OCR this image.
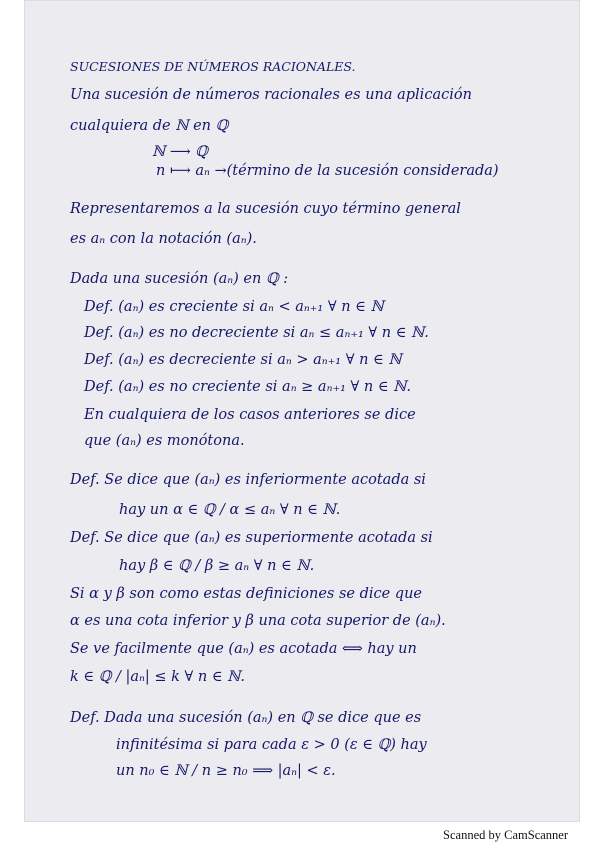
SUCESIONES DE NÚMEROS RACIONALES.
Una sucesión de números racionales es una aplicación
cualquiera de ℕ en ℚ
ℕ ⟶ ℚ
n ⟼ aₙ →(término de la sucesión considerada)
Representaremos a la sucesión cuyo término general
es aₙ con la notación (aₙ).
Dada una sucesión (aₙ) en ℚ :
Def. (aₙ) es creciente si aₙ < aₙ₊₁ ∀ n ∈ ℕ
Def. (aₙ) es no decreciente si aₙ ≤ aₙ₊₁ ∀ n ∈ ℕ.
Def. (aₙ) es decreciente si aₙ > aₙ₊₁ ∀ n ∈ ℕ
Def. (aₙ) es no creciente si aₙ ≥ aₙ₊₁ ∀ n ∈ ℕ.
En cualquiera de los casos anteriores se dice
que (aₙ) es monótona.
Def. Se dice que (aₙ) es inferiormente acotada si
hay un α ∈ ℚ / α ≤ aₙ ∀ n ∈ ℕ.
Def. Se dice que (aₙ) es superiormente acotada si
hay β ∈ ℚ / β ≥ aₙ ∀ n ∈ ℕ.
Si α y β son como estas definiciones se dice que
α es una cota inferior y β una cota superior de (aₙ).
Se ve facilmente que (aₙ) es acotada ⟺ hay un
k ∈ ℚ / |aₙ| ≤ k ∀ n ∈ ℕ.
Def. Dada una sucesión (aₙ) en ℚ se dice que es
infinitésima si para cada ε > 0 (ε ∈ ℚ) hay
un n₀ ∈ ℕ / n ≥ n₀ ⟹ |aₙ| < ε.
Scanned by CamScanner
